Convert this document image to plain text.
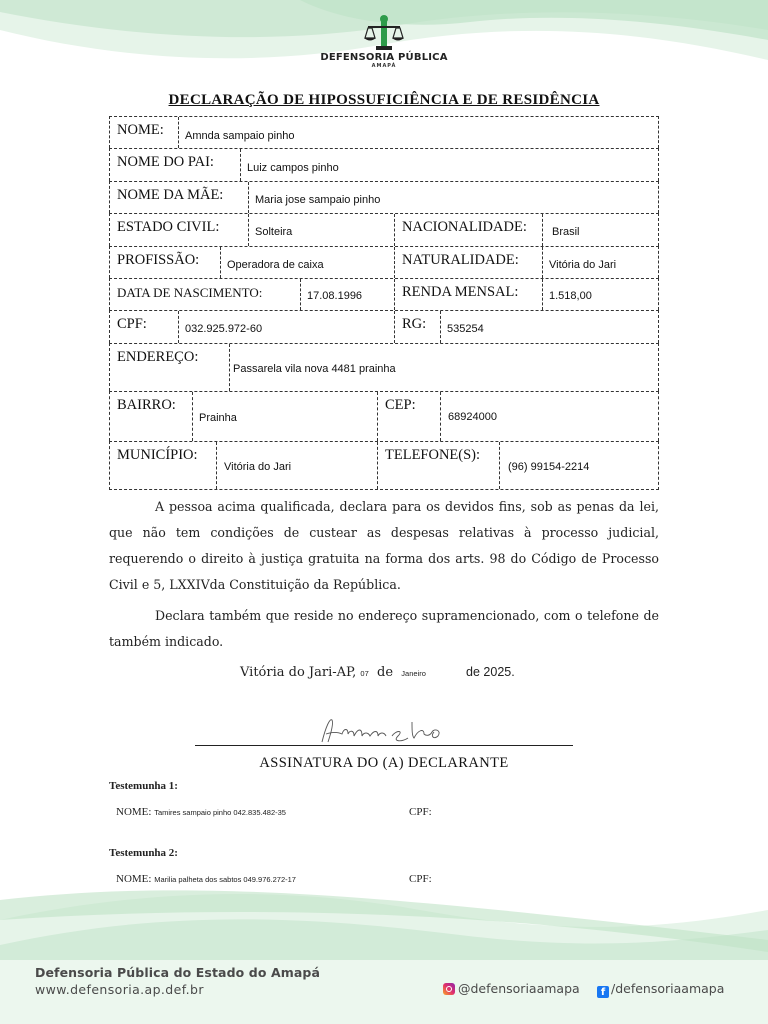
DEFENSORIA PÚBLICA
AMAPÁ
DECLARAÇÃO DE HIPOSSUFICIÊNCIA E DE RESIDÊNCIA
NOME: Amnda sampaio pinho
NOME DO PAI:	Luiz campos pinho
NOME DA MÃE:	Maria jose sampaio pinho
ESTADO CIVIL:	Solteira	NACIONALIDADE: Brasil
PROFISSÃO:	Operadora de caixa	NATURALIDADE:	Vitória do Jari
DATA DE NASCIMENTO:	17.08.1996	RENDA MENSAL:	1.518,00
CPF:	032.925.972-60	RG: 535254
ENDEREÇO:
Passarela vila nova 4481 prainha
BAIRRO:
Prainha
CEP:
68924000
MUNICÍPIO:
Vitória do Jari
TELEFONE(S):
(96) 99154-2214
A pessoa acima qualificada, declara para os devidos fins, sob as penas da lei, que não tem condições de custear as despesas relativas à processo judicial, requerendo o direito à justiça gratuita na forma dos arts. 98 do Código de Processo Civil e 5, LXXIVda Constituição da República.
Declara também que reside no endereço supramencionado, com o telefone de também indicado.
Vitória do Jari-AP, 07 de Janeiro	de 2025.
ASSINATURA DO (A) DECLARANTE
Testemunha 1:
NOME: Tamires sampaio pinho 042.835.482-35	CPF:
Testemunha 2:
NOME: Marilia palheta dos sabtos 049.976.272-17	CPF:
Defensoria Pública do Estado do Amapá
www.defensoria.ap.def.br	@defensoriaamapa	f /defensoriaamapa
